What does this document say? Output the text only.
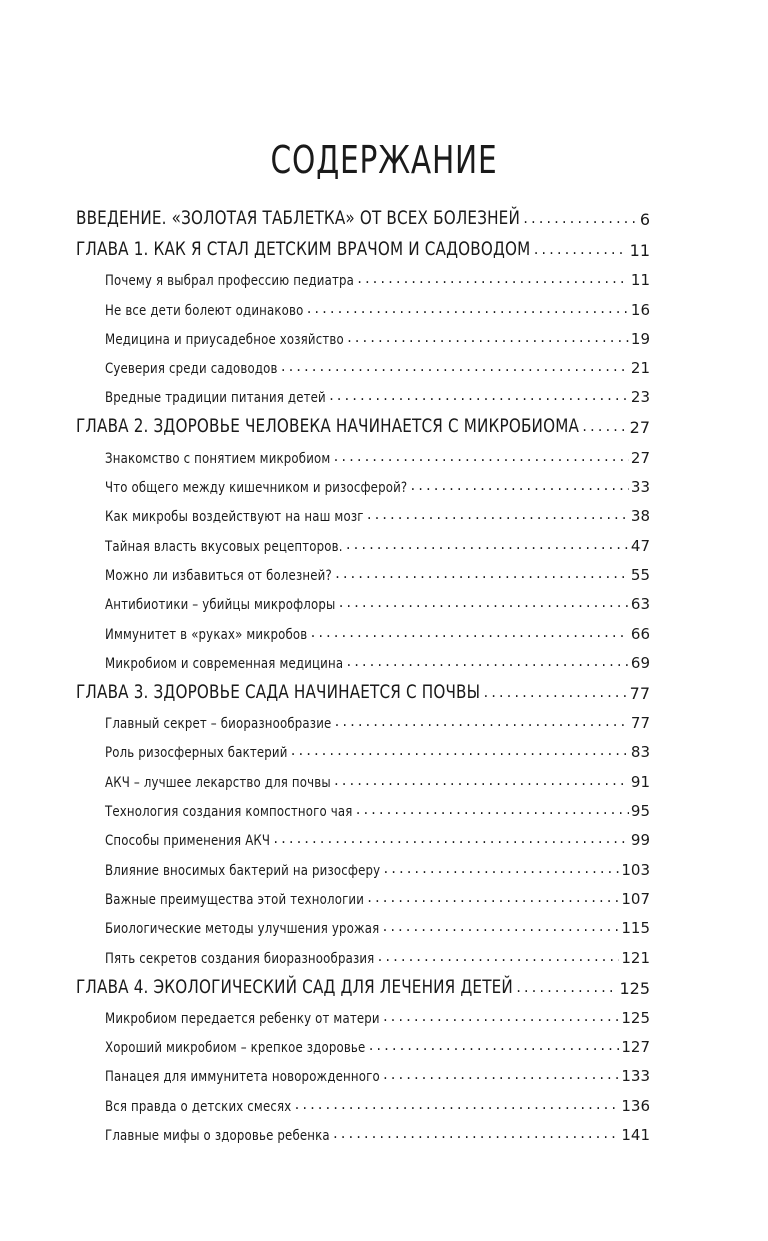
СОДЕРЖАНИЕ
ВВЕДЕНИЕ. «ЗОЛОТАЯ ТАБЛЕТКА» ОТ ВСЕХ БОЛЕЗНЕЙ .....	6
ГЛАВА 1. КАК Я СТАЛ ДЕТСКИМ ВРАЧОМ И САДОВОДОМ .....	11
Почему я выбрал профессию педиатра .....	11
Не все дети болеют одинаково .....	16
Медицина и приусадебное хозяйство .....	19
Суеверия среди садоводов .....	21
Вредные традиции питания детей .....	23
ГЛАВА 2. ЗДОРОВЬЕ ЧЕЛОВЕКА НАЧИНАЕТСЯ С МИКРОБИОМА .....	27
Знакомство с понятием микробиом .....	27
Что общего между кишечником и ризосферой? .....	33
Как микробы воздействуют на наш мозг .....	38
Тайная власть вкусовых рецепторов. .....	47
Можно ли избавиться от болезней? .....	55
Антибиотики – убийцы микрофлоры .....	63
Иммунитет в «руках» микробов .....	66
Микробиом и современная медицина .....	69
ГЛАВА 3. ЗДОРОВЬЕ САДА НАЧИНАЕТСЯ С ПОЧВЫ .....	77
Главный секрет – биоразнообразие .....	77
Роль ризосферных бактерий .....	83
АКЧ – лучшее лекарство для почвы .....	91
Технология создания компостного чая .....	95
Способы применения АКЧ .....	99
Влияние вносимых бактерий на ризосферу .....	103
Важные преимущества этой технологии .....	107
Биологические методы улучшения урожая .....	115
Пять секретов создания биоразнообразия .....	121
ГЛАВА 4. ЭКОЛОГИЧЕСКИЙ САД ДЛЯ ЛЕЧЕНИЯ ДЕТЕЙ .....	125
Микробиом передается ребенку от матери .....	125
Хороший микробиом – крепкое здоровье .....	127
Панацея для иммунитета новорожденного .....	133
Вся правда о детских смесях .....	136
Главные мифы о здоровье ребенка .....	141
